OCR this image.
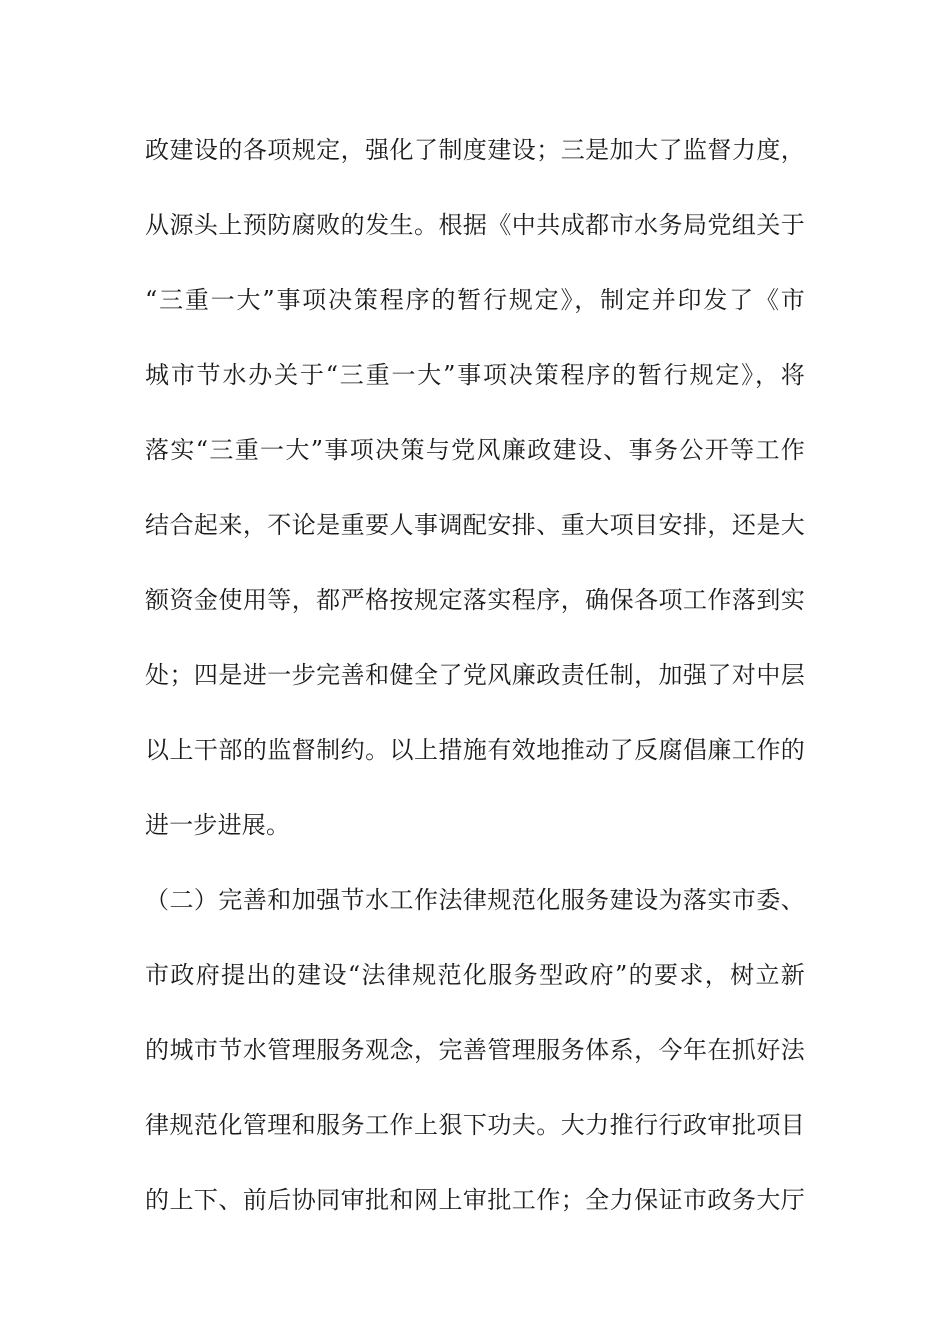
政建设的各项规定，强化了制度建设；三是加大了监督力度，
从源头上预防腐败的发生。根据《中共成都市水务局党组关于
“三重一大”事项决策程序的暂行规定》，制定并印发了《市
城市节水办关于“三重一大”事项决策程序的暂行规定》，将
落实“三重一大”事项决策与党风廉政建设、事务公开等工作
结合起来，不论是重要人事调配安排、重大项目安排，还是大
额资金使用等，都严格按规定落实程序，确保各项工作落到实
处；四是进一步完善和健全了党风廉政责任制，加强了对中层
以上干部的监督制约。以上措施有效地推动了反腐倡廉工作的
进一步进展。
（二）完善和加强节水工作法律规范化服务建设为落实市委、
市政府提出的建设“法律规范化服务型政府”的要求，树立新
的城市节水管理服务观念，完善管理服务体系，今年在抓好法
律规范化管理和服务工作上狠下功夫。大力推行行政审批项目
的上下、前后协同审批和网上审批工作；全力保证市政务大厅
